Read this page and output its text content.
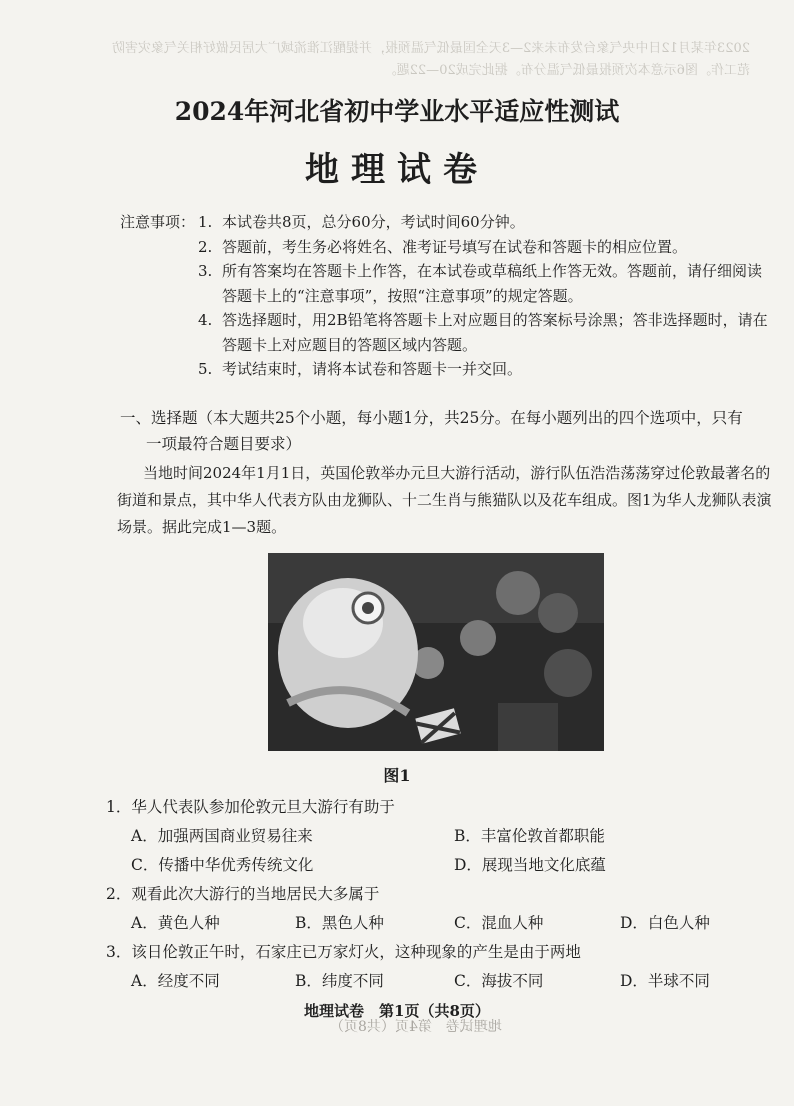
2023年某月12日中央气象台发布未来2—3天全国最低气温预报，并提醒江淮流域广大居民做好相关气象灾害防范工作。图6示意本次预报最低气温分布。据此完成20—22题。
2024年河北省初中学业水平适应性测试
地理试卷
注意事项： 1. 本试卷共8页，总分60分，考试时间60分钟。
2. 答题前，考生务必将姓名、准考证号填写在试卷和答题卡的相应位置。
3. 所有答案均在答题卡上作答，在本试卷或草稿纸上作答无效。答题前，请仔细阅读答题卡上的“注意事项”，按照“注意事项”的规定答题。
4. 答选择题时，用2B铅笔将答题卡上对应题目的答案标号涂黑；答非选择题时，请在答题卡上对应题目的答题区域内答题。
5. 考试结束时，请将本试卷和答题卡一并交回。
一、选择题（本大题共25个小题，每小题1分，共25分。在每小题列出的四个选项中，只有
一项最符合题目要求）
当地时间2024年1月1日，英国伦敦举办元旦大游行活动，游行队伍浩浩荡荡穿过伦敦最著名的街道和景点，其中华人代表方队由龙狮队、十二生肖与熊猫队以及花车组成。图1为华人龙狮队表演场景。据此完成1—3题。
图1
1．华人代表队参加伦敦元旦大游行有助于
A．加强两国商业贸易往来	B．丰富伦敦首都职能
C．传播中华优秀传统文化	D．展现当地文化底蕴
2．观看此次大游行的当地居民大多属于
A．黄色人种	B．黑色人种	C．混血人种	D．白色人种
3．该日伦敦正午时，石家庄已万家灯火，这种现象的产生是由于两地
A．经度不同	B．纬度不同	C．海拔不同	D．半球不同
地理试卷　第1页（共8页）
地理试卷　第4页（共8页）
